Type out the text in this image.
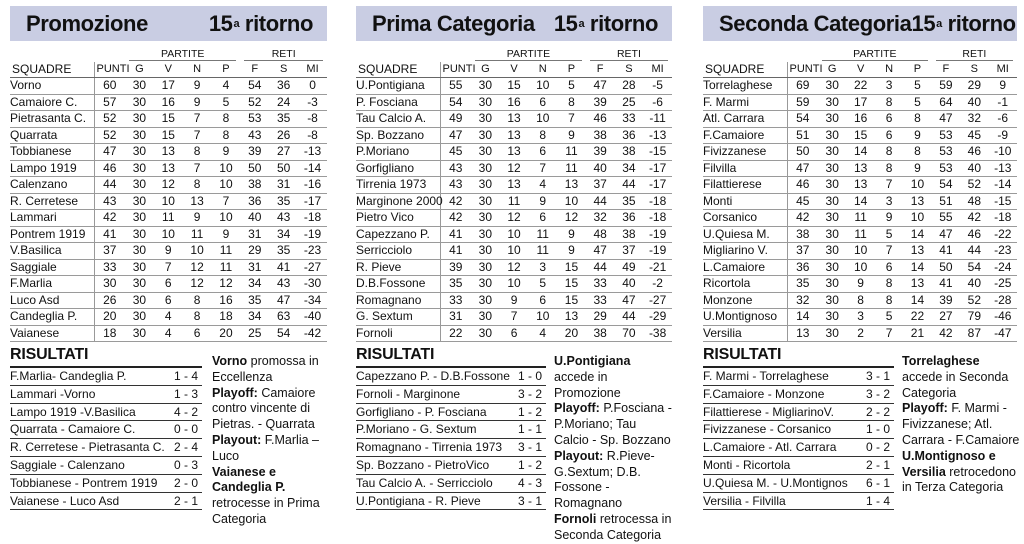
Promozione	15 a ritorno
		PARTITE				RETI		
SQUADRE	PUNTI	G	V	N	P	F	S	MI
Vorno	60	30	17	9	4	54	36	0
Camaiore C.	57	30	16	9	5	52	24	-3
Pietrasanta C.	52	30	15	7	8	53	35	-8
Quarrata	52	30	15	7	8	43	26	-8
Tobbianese	47	30	13	8	9	39	27	-13
Lampo 1919	46	30	13	7	10	50	50	-14
Calenzano	44	30	12	8	10	38	31	-16
R. Cerretese	43	30	10	13	7	36	35	-17
Lammari	42	30	11	9	10	40	43	-18
Pontrem 1919	41	30	10	11	9	31	34	-19
V.Basilica	37	30	9	10	11	29	35	-23
Saggiale	33	30	7	12	11	31	41	-27
F.Marlia	30	30	6	12	12	34	43	-30
Luco Asd	26	30	6	8	16	35	47	-34
Candeglia P.	20	30	4	8	18	34	63	-40
Vaianese	18	30	4	6	20	25	54	-42
RISULTATI
F.Marlia- Candeglia P.	1 - 4
Lammari -Vorno	1 - 3
Lampo 1919 -V.Basilica	4 - 2
Quarrata - Camaiore C.	0 - 0
R. Cerretese - Pietrasanta C. 2 - 4
Saggiale - Calenzano	0 - 3
Tobbianese - Pontrem 1919 2 - 0
Vaianese - Luco Asd	2 - 1
Vorno promossa in Eccellenza
Playoff: Camaiore contro vincente di Pietras. - Quarrata
Playout: F.Marlia – Luco
Vaianese e Candeglia P. retrocesse in Prima Categoria
Prima Categoria 15 a ritorno
		PARTITE				RETI		
SQUADRE	PUNTI	G	V	N	P	F	S	MI
U.Pontigiana	55	30	15	10	5	47	28	-5
P. Fosciana	54	30	16	6	8	39	25	-6
Tau Calcio A.	49	30	13	10	7	46	33	-11
Sp. Bozzano	47	30	13	8	9	38	36	-13
P.Moriano	45	30	13	6	11	39	38	-15
Gorfigliano	43	30	12	7	11	40	34	-17
Tirrenia 1973	43	30	13	4	13	37	44	-17
Marginone 2000	42	30	11	9	10	44	35	-18
Pietro Vico	42	30	12	6	12	32	36	-18
Capezzano P.	41	30	10	11	9	48	38	-19
Serricciolo	41	30	10	11	9	47	37	-19
R. Pieve	39	30	12	3	15	44	49	-21
D.B.Fossone	35	30	10	5	15	33	40	-2
Romagnano	33	30	9	6	15	33	47	-27
G. Sextum	31	30	7	10	13	29	44	-29
Fornoli	22	30	6	4	20	38	70	-38
RISULTATI
Capezzano P. - D.B.Fossone 1 - 0
Fornoli - Marginone	3 - 2
Gorfigliano - P. Fosciana	1 - 2
P.Moriano - G. Sextum	1 - 1
Romagnano - Tirrenia 1973 3 - 1
Sp. Bozzano - PietroVico 1 - 2
Tau Calcio A. - Serricciolo 4 - 3
U.Pontigiana - R. Pieve	3 - 1
U.Pontigiana accede in Promozione
Playoff: P.Fosciana - P.Moriano; Tau Calcio - Sp. Bozzano
Playout: R.Pieve- G.Sextum; D.B. Fossone - Romagnano
Fornoli retrocessa in Seconda Categoria
Seconda Categoria 15 a ritorno
		PARTITE				RETI		
SQUADRE	PUNTI	G	V	N	P	F	S	MI
Torrelaghese	69	30	22	3	5	59	29	9
F. Marmi	59	30	17	8	5	64	40	-1
Atl. Carrara	54	30	16	6	8	47	32	-6
F.Camaiore	51	30	15	6	9	53	45	-9
Fivizzanese	50	30	14	8	8	53	46	-10
Filvilla	47	30	13	8	9	53	40	-13
Filattierese	46	30	13	7	10	54	52	-14
Monti	45	30	14	3	13	51	48	-15
Corsanico	42	30	11	9	10	55	42	-18
U.Quiesa M.	38	30	11	5	14	47	46	-22
Migliarino V.	37	30	10	7	13	41	44	-23
L.Camaiore	36	30	10	6	14	50	54	-24
Ricortola	35	30	9	8	13	41	40	-25
Monzone	32	30	8	8	14	39	52	-28
U.Montignoso	14	30	3	5	22	27	79	-46
Versilia	13	30	2	7	21	42	87	-47
RISULTATI
F. Marmi - Torrelaghese	3 - 1
F.Camaiore - Monzone	3 - 2
Filattierese - MigliarinoV.	2 - 2
Fivizzanese - Corsanico	1 - 0
L.Camaiore - Atl. Carrara 0 - 2
Monti - Ricortola	2 - 1
U.Quiesa M. - U.Montignos 6 - 1
Versilia - Filvilla	1 - 4
Torrelaghese accede in Seconda Categoria
Playoff: F. Marmi - Fivizzanese; Atl. Carrara - F.Camaiore
U.Montignoso e Versilia retrocedono in Terza Categoria
